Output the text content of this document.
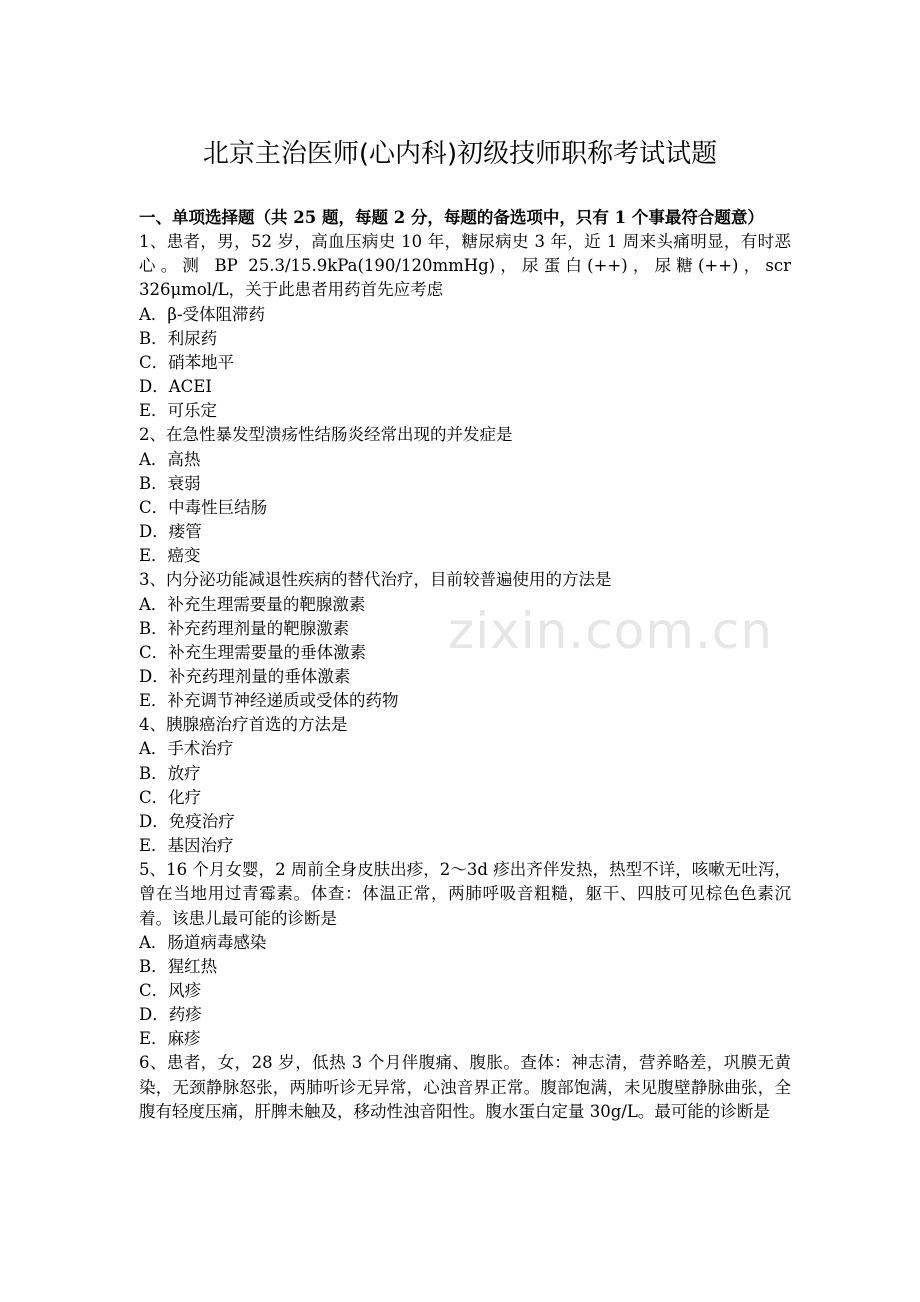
北京主治医师(心内科)初级技师职称考试试题
zixin.com.cn

一、单项选择题（共 25 题，每题 2 分，每题的备选项中，只有 1 个事最符合题意）

1、患者，男，52 岁，高血压病史 10 年，糖尿病史 3 年，近 1 周来头痛明显，有时恶心。测 BP 25.3/15.9kPa(190/120mmHg)，尿蛋白(++)，尿糖(++)，scr 326μmol/L，关于此患者用药首先应考虑

A．β-受体阻滞药

B．利尿药

C．硝苯地平

D．ACEI

E．可乐定

2、在急性暴发型溃疡性结肠炎经常出现的并发症是

A．高热

B．衰弱

C．中毒性巨结肠

D．瘘管

E．癌变

3、内分泌功能减退性疾病的替代治疗，目前较普遍使用的方法是

A．补充生理需要量的靶腺激素

B．补充药理剂量的靶腺激素

C．补充生理需要量的垂体激素

D．补充药理剂量的垂体激素

E．补充调节神经递质或受体的药物

4、胰腺癌治疗首选的方法是

A．手术治疗

B．放疗

C．化疗

D．免疫治疗

E．基因治疗

5、16 个月女婴，2 周前全身皮肤出疹，2～3d 疹出齐伴发热，热型不详，咳嗽无吐泻，曾在当地用过青霉素。体查：体温正常，两肺呼吸音粗糙，躯干、四肢可见棕色色素沉着。该患儿最可能的诊断是

A．肠道病毒感染

B．猩红热

C．风疹

D．药疹

E．麻疹

6、患者，女，28 岁，低热 3 个月伴腹痛、腹胀。查体：神志清，营养略差，巩膜无黄染，无颈静脉怒张，两肺听诊无异常，心浊音界正常。腹部饱满，未见腹壁静脉曲张，全腹有轻度压痛，肝脾未触及，移动性浊音阳性。腹水蛋白定量 30g/L。最可能的诊断是
